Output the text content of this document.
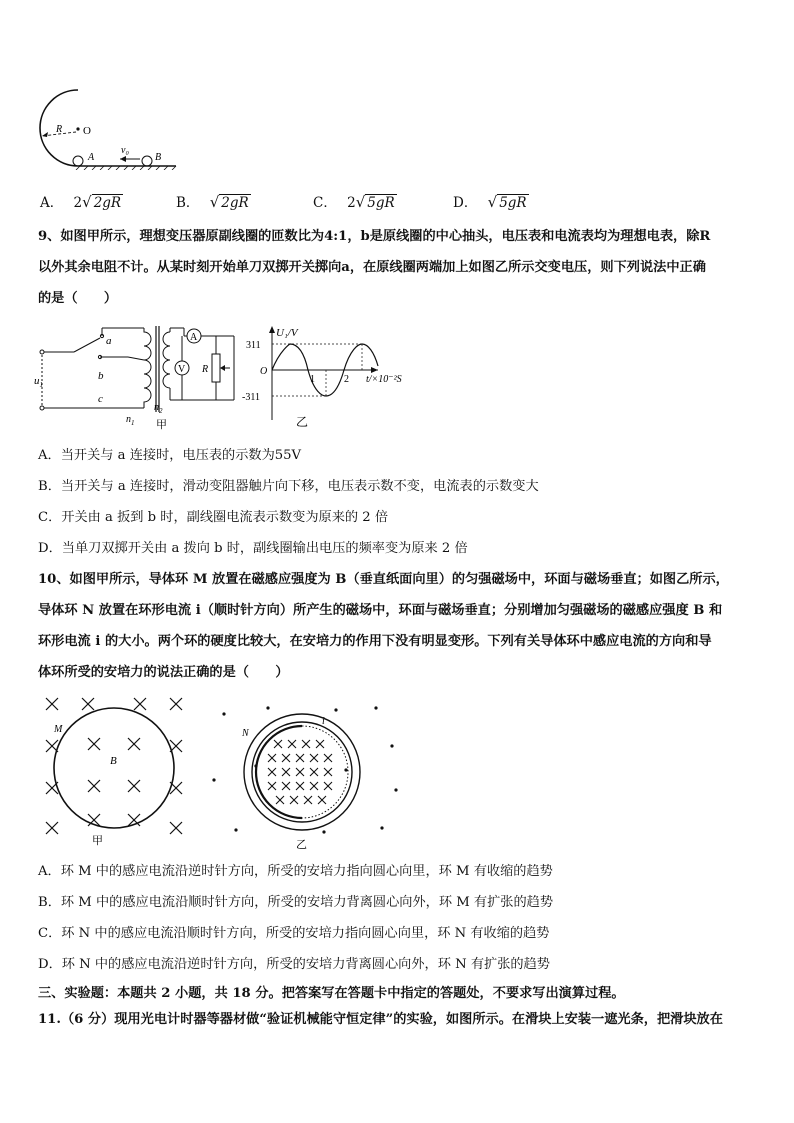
R O
A	B
v₀
A． 2√ 2gR	B． √ 2gR	C． 2√ 5gR	D． √ 5gR
9、如图甲所示，理想变压器原副线圈的匝数比为4:1，b是原线圈的中心抽头，电压表和电流表均为理想电表，除R
以外其余电阻不计。从某时刻开始单刀双掷开关掷向a，在原线圈两端加上如图乙所示交变电压，则下列说法中正确
的是（　　）
a
b
c
$u_1$
$n_1$
$n_2$
A
V R
甲
U₁/V
311
-311
O
1	2 t/×10⁻²S
乙
A．当开关与 a 连接时，电压表的示数为55V
B．当开关与 a 连接时，滑动变阻器触片向下移，电压表示数不变，电流表的示数变大
C．开关由 a 扳到 b 时，副线圈电流表示数变为原来的 2 倍
D．当单刀双掷开关由 a 拨向 b 时，副线圈输出电压的频率变为原来 2 倍
10、如图甲所示，导体环 M 放置在磁感应强度为 B（垂直纸面向里）的匀强磁场中，环面与磁场垂直；如图乙所示，
导体环 N 放置在环形电流 i（顺时针方向）所产生的磁场中，环面与磁场垂直；分别增加匀强磁场的磁感应强度 B 和
环形电流 i 的大小。两个环的硬度比较大，在安培力的作用下没有明显变形。下列有关导体环中感应电流的方向和导
体环所受的安培力的说法正确的是（　　）
M
B
甲
N
i
乙
A．环 M 中的感应电流沿逆时针方向，所受的安培力指向圆心向里，环 M 有收缩的趋势
B．环 M 中的感应电流沿顺时针方向，所受的安培力背离圆心向外，环 M 有扩张的趋势
C．环 N 中的感应电流沿顺时针方向，所受的安培力指向圆心向里，环 N 有收缩的趋势
D．环 N 中的感应电流沿逆时针方向，所受的安培力背离圆心向外，环 N 有扩张的趋势
三、实验题：本题共 2 小题，共 18 分。把答案写在答题卡中指定的答题处，不要求写出演算过程。
11.（6 分）现用光电计时器等器材做“验证机械能守恒定律”的实验，如图所示。在滑块上安装一遮光条，把滑块放在
